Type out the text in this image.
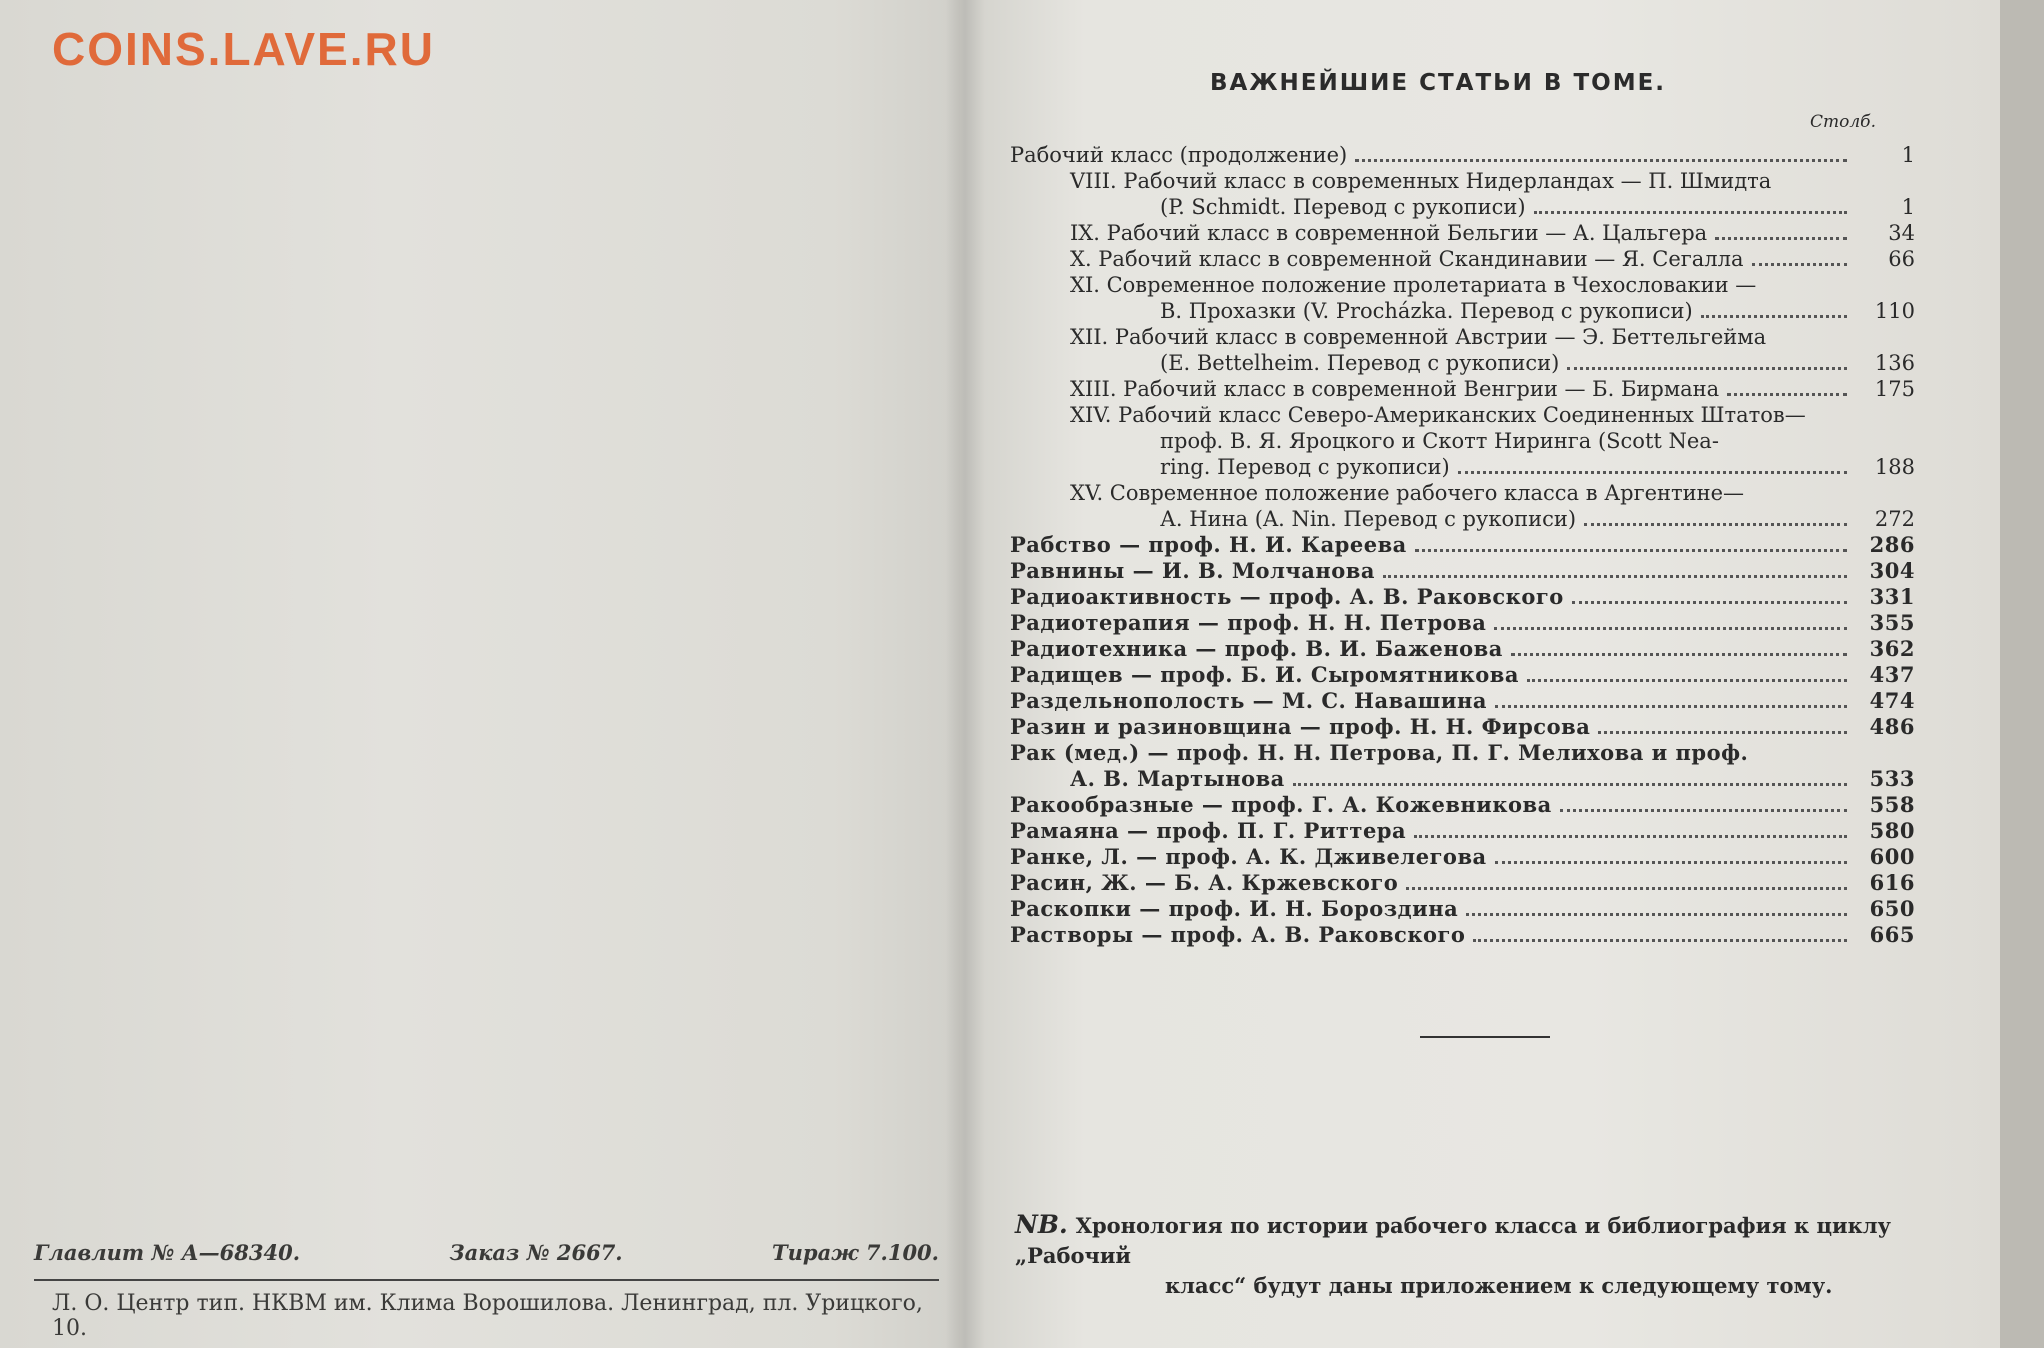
COINS.LAVE.RU
Главлит № А—68340.	Заказ № 2667.	Тираж 7.100.
Л. О. Центр тип. НКВМ им. Клима Ворошилова. Ленинград, пл. Урицкого, 10.
ВАЖНЕЙШИЕ СТАТЬИ В ТОМЕ.
Столб.
Рабочий класс (продолжение)	1
VIII. Рабочий класс в современных Нидерландах — П. Шмидта
(P. Schmidt. Перевод с рукописи)	1
IX. Рабочий класс в современной Бельгии — А. Цальгера	34
X. Рабочий класс в современной Скандинавии — Я. Сегалла	66
XI. Современное положение пролетариата в Чехословакии —
В. Прохазки (V. Procházka. Перевод с рукописи)	110
XII. Рабочий класс в современной Австрии — Э. Беттельгейма
(E. Bettelheim. Перевод с рукописи)	136
XIII. Рабочий класс в современной Венгрии — Б. Бирмана	175
XIV. Рабочий класс Северо-Американских Соединенных Штатов—
проф. В. Я. Яроцкого и Скотт Ниринга (Scott Nea-
ring. Перевод с рукописи)	188
XV. Современное положение рабочего класса в Аргентине—
А. Нина (A. Nin. Перевод с рукописи)	272
Рабство — проф. Н. И. Кареева	286
Равнины — И. В. Молчанова	304
Радиоактивность — проф. А. В. Раковского	331
Радиотерапия — проф. Н. Н. Петрова	355
Радиотехника — проф. В. И. Баженова	362
Радищев — проф. Б. И. Сыромятникова	437
Раздельнополость — М. С. Навашина	474
Разин и разиновщина — проф. Н. Н. Фирсова	486
Рак (мед.) — проф. Н. Н. Петрова, П. Г. Мелихова и проф.
А. В. Мартынова	533
Ракообразные — проф. Г. А. Кожевникова	558
Рамаяна — проф. П. Г. Риттера	580
Ранке, Л. — проф. А. К. Дживелегова	600
Расин, Ж. — Б. А. Кржевского	616
Раскопки — проф. И. Н. Бороздина	650
Растворы — проф. А. В. Раковского	665
NB. Хронология по истории рабочего класса и библиография к циклу „Рабочий
класс“ будут даны приложением к следующему тому.
